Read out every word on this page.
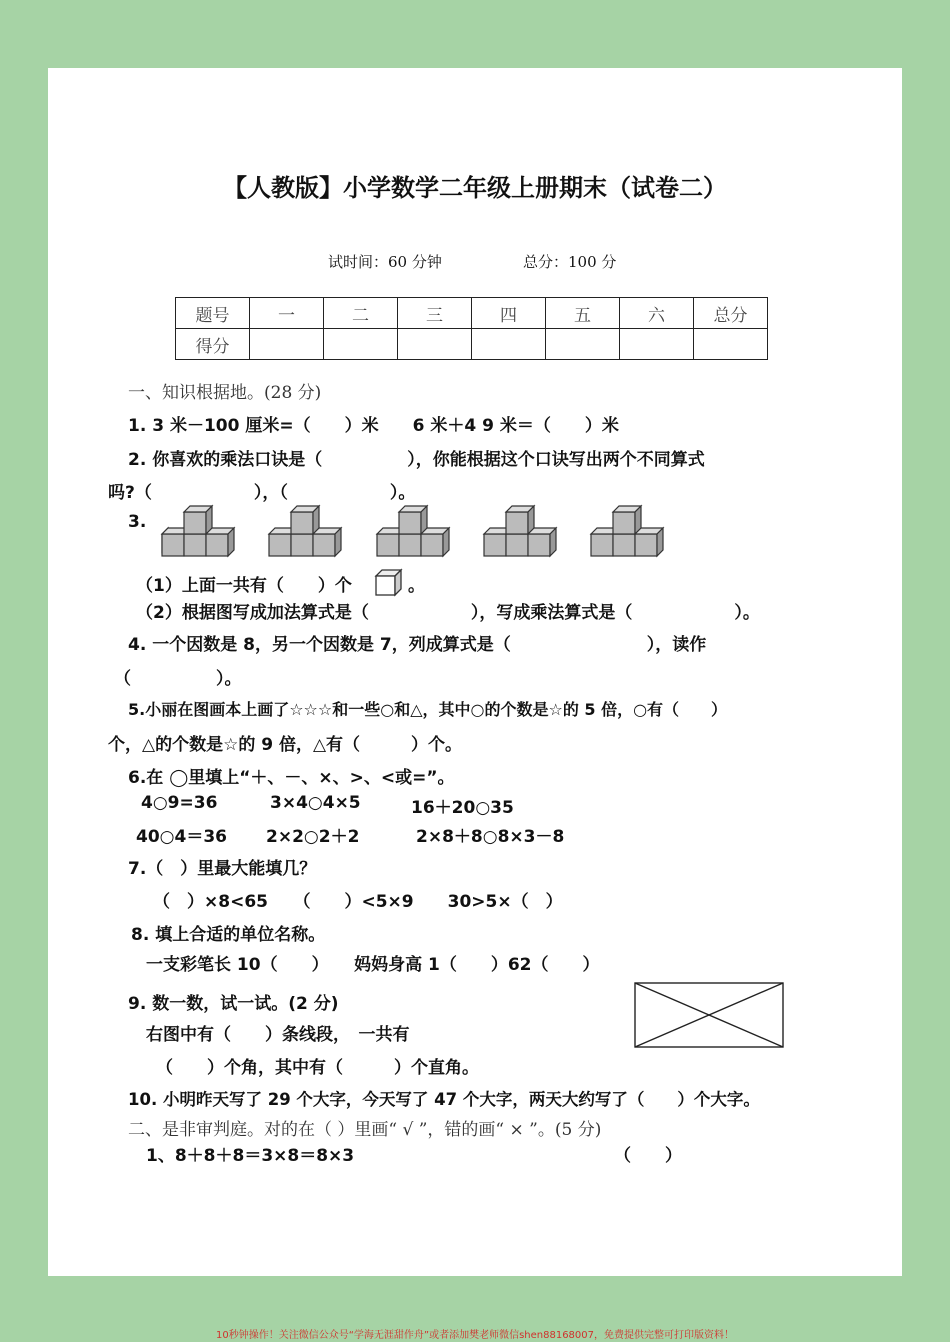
【人教版】小学数学二年级上册期末（试卷二）
试时间：60 分钟	总分：100 分
题号	一	二	三	四	五	六	总分
得分							
一、知识根据地。(28 分)
1. 3 米－100 厘米=（　　）米　　6 米＋4 9 米＝（　　）米
2. 你喜欢的乘法口诀是（　　　　　），你能根据这个口诀写出两个不同算式
吗?（　　　　　　），（　　　　　　）。
3.
（1）上面一共有（　　）个	。
（2）根据图写成加法算式是（　　　　　　），写成乘法算式是（　　　　　　）。
4. 一个因数是 8，另一个因数是 7，列成算式是（　　　　　　　　），读作
（　　　　　）。
5.小丽在图画本上画了☆☆☆和一些○和△，其中○的个数是☆的 5 倍，○有（　　）
个，△的个数是☆的 9 倍，△有（　　　）个。
6.在 ◯里填上“＋、－、×、>、<或=”。
4○9=36	3×4○4×5	16＋20○35
40○4＝36 2×2○2＋2	2×8＋8○8×3－8
7.（　）里最大能填几？
（　）×8<65　　（　　）<5×9　　30>5×（　）
8. 填上合适的单位名称。
一支彩笔长 10（　　）　　妈妈身高 1（　　）62（　　）
9. 数一数，试一试。(2 分)
右图中有（　　）条线段，　一共有
（　　）个角，其中有（　　　）个直角。
10. 小明昨天写了 29 个大字，今天写了 47 个大字，两天大约写了（　　）个大字。
二、是非审判庭。对的在（ ）里画“ √ ”，错的画“ × ”。(5 分)
1、8＋8＋8＝3×8＝8×3	（　　）
10秒钟操作！关注微信公众号“学海无涯甜作舟”或者添加樊老师微信shen88168007，免费提供完整可打印版资料！
